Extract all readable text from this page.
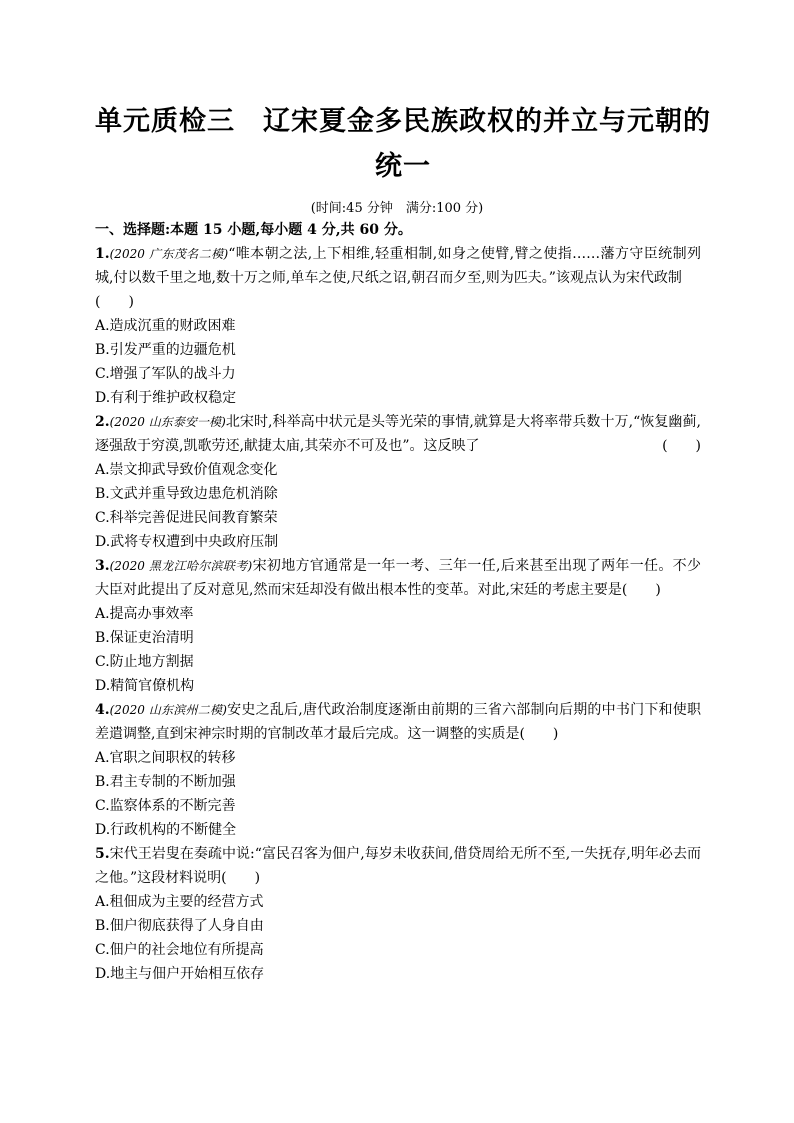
单元质检三　辽宋夏金多民族政权的并立与元朝的
统一
(时间:45 分钟　满分:100 分)
一、选择题:本题 15 小题,每小题 4 分,共 60 分。
1.(2020 广东茂名二模)“唯本朝之法,上下相维,轻重相制,如身之使臂,臂之使指……藩方守臣统制列城,付以数千里之地,数十万之师,单车之使,尺纸之诏,朝召而夕至,则为匹夫。”该观点认为宋代政制
(　　)
A.造成沉重的财政困难
B.引发严重的边疆危机
C.增强了军队的战斗力
D.有利于维护政权稳定
2.(2020 山东泰安一模)北宋时,科举高中状元是头等光荣的事情,就算是大将率带兵数十万,“恢复幽蓟,逐强敌于穷漠,凯歌劳还,献捷太庙,其荣亦不可及也”。这反映了	(　　)
A.崇文抑武导致价值观念变化
B.文武并重导致边患危机消除
C.科举完善促进民间教育繁荣
D.武将专权遭到中央政府压制
3.(2020 黑龙江哈尔滨联考)宋初地方官通常是一年一考、三年一任,后来甚至出现了两年一任。不少大臣对此提出了反对意见,然而宋廷却没有做出根本性的变革。对此,宋廷的考虑主要是(　　)
A.提高办事效率
B.保证吏治清明
C.防止地方割据
D.精简官僚机构
4.(2020 山东滨州二模)安史之乱后,唐代政治制度逐渐由前期的三省六部制向后期的中书门下和使职差遣调整,直到宋神宗时期的官制改革才最后完成。这一调整的实质是(　　)
A.官职之间职权的转移
B.君主专制的不断加强
C.监察体系的不断完善
D.行政机构的不断健全
5.宋代王岩叟在奏疏中说:“富民召客为佃户,每岁未收获间,借贷周给无所不至,一失抚存,明年必去而之他。”这段材料说明(　　)
A.租佃成为主要的经营方式
B.佃户彻底获得了人身自由
C.佃户的社会地位有所提高
D.地主与佃户开始相互依存
